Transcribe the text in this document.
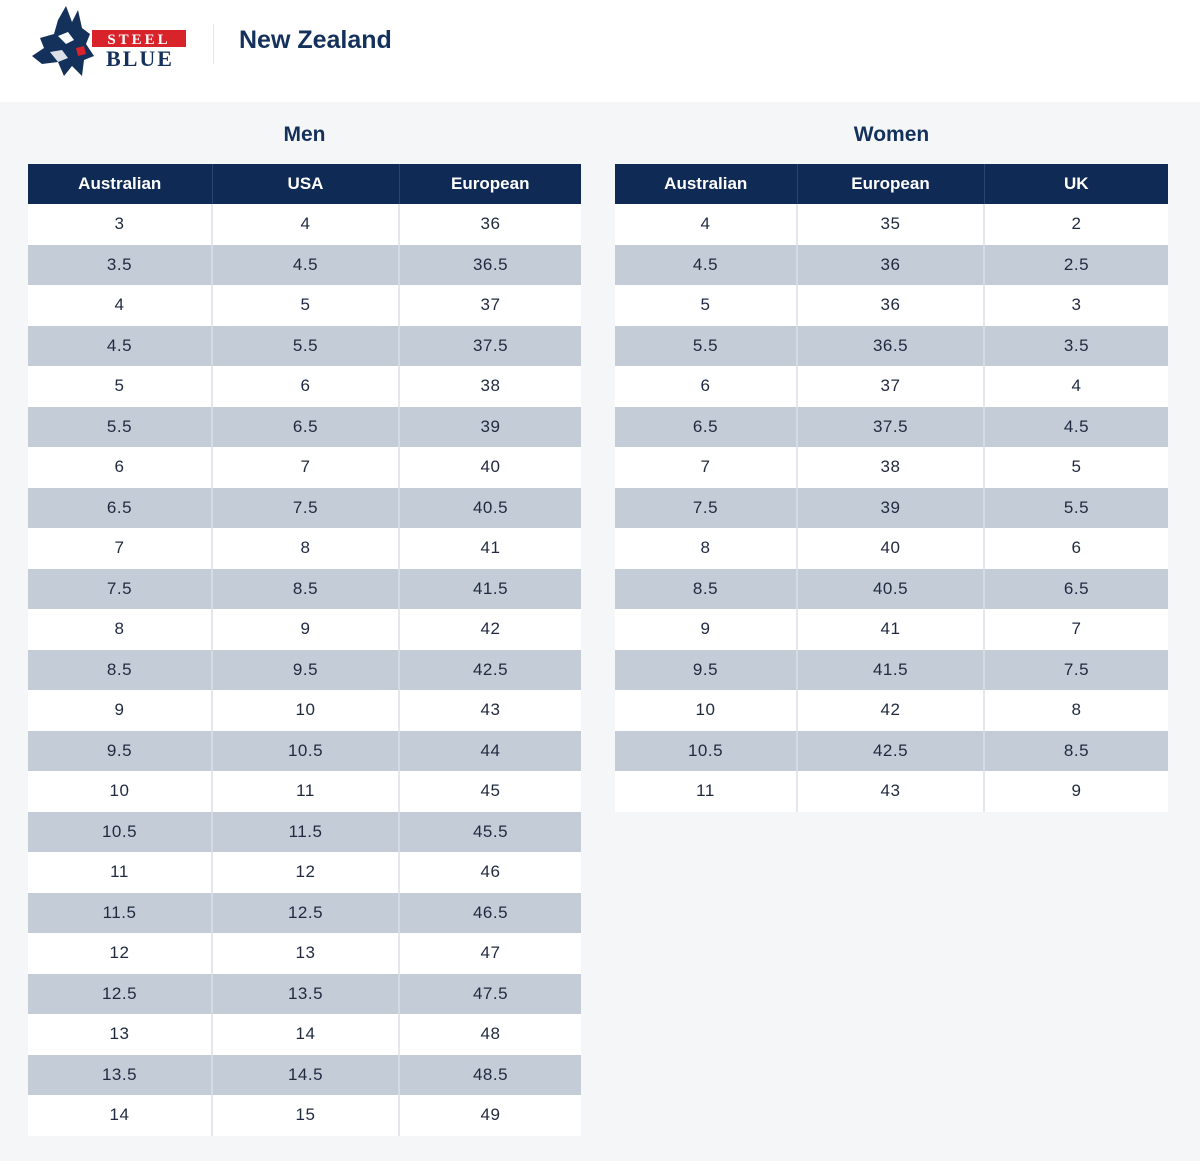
STEEL
BLUE
New Zealand
Men	Women
Australian	USA	European
3	4	36
3.5	4.5	36.5
4	5	37
4.5	5.5	37.5
5	6	38
5.5	6.5	39
6	7	40
6.5	7.5	40.5
7	8	41
7.5	8.5	41.5
8	9	42
8.5	9.5	42.5
9	10	43
9.5	10.5	44
10	11	45
10.5	11.5	45.5
11	12	46
11.5	12.5	46.5
12	13	47
12.5	13.5	47.5
13	14	48
13.5	14.5	48.5
14	15	49
Australian	European	UK
4	35	2
4.5	36	2.5
5	36	3
5.5	36.5	3.5
6	37	4
6.5	37.5	4.5
7	38	5
7.5	39	5.5
8	40	6
8.5	40.5	6.5
9	41	7
9.5	41.5	7.5
10	42	8
10.5	42.5	8.5
11	43	9
